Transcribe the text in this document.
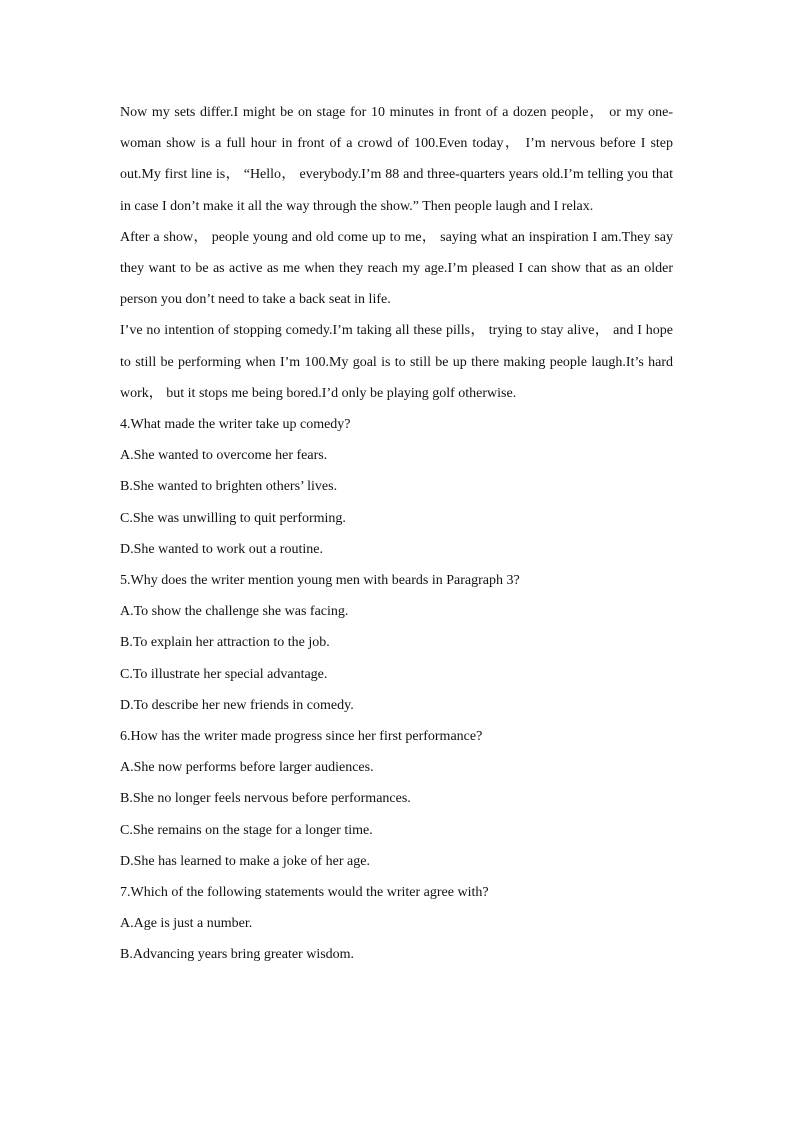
Now my sets differ.I might be on stage for 10 minutes in front of a dozen people， or my one-woman show is a full hour in front of a crowd of 100.Even today， I’m nervous before I step out.My first line is， “Hello， everybody.I’m 88 and three-quarters years old.I’m telling you that in case I don’t make it all the way through the show.” Then people laugh and I relax.

After a show， people young and old come up to me， saying what an inspiration I am.They say they want to be as active as me when they reach my age.I’m pleased I can show that as an older person you don’t need to take a back seat in life.

I’ve no intention of stopping comedy.I’m taking all these pills， trying to stay alive， and I hope to still be performing when I’m 100.My goal is to still be up there making people laugh.It’s hard work， but it stops me being bored.I’d only be playing golf otherwise.

4.What made the writer take up comedy?

A.She wanted to overcome her fears.

B.She wanted to brighten others’ lives.

C.She was unwilling to quit performing.

D.She wanted to work out a routine.

5.Why does the writer mention young men with beards in Paragraph 3?

A.To show the challenge she was facing.

B.To explain her attraction to the job.

C.To illustrate her special advantage.

D.To describe her new friends in comedy.

6.How has the writer made progress since her first performance?

A.She now performs before larger audiences.

B.She no longer feels nervous before performances.

C.She remains on the stage for a longer time.

D.She has learned to make a joke of her age.

7.Which of the following statements would the writer agree with?

A.Age is just a number.

B.Advancing years bring greater wisdom.
